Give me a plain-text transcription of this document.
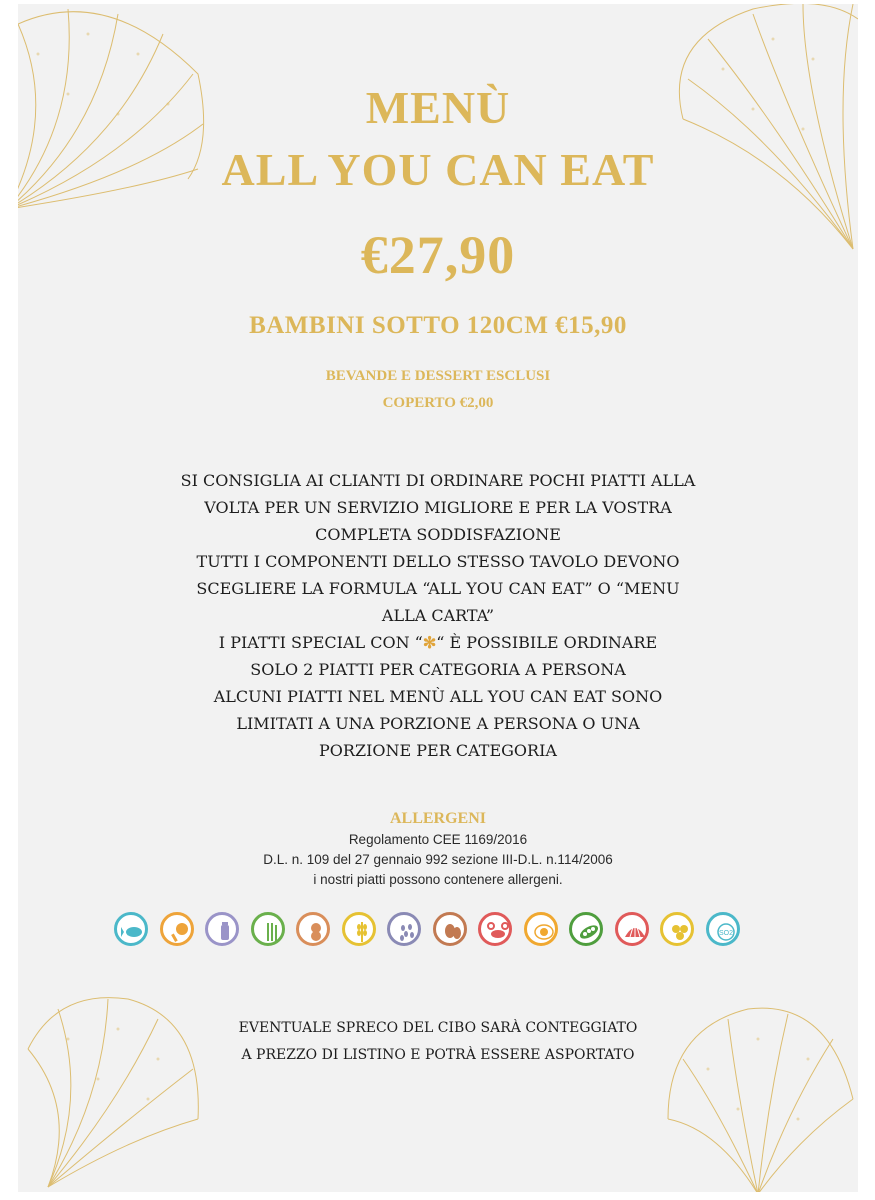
MENÙ
ALL YOU CAN EAT
€27,90
BAMBINI SOTTO 120CM €15,90
BEVANDE E DESSERT ESCLUSI
COPERTO €2,00
SI CONSIGLIA AI CLIANTI DI ORDINARE POCHI PIATTI ALLA
VOLTA PER UN SERVIZIO MIGLIORE E PER LA VOSTRA
COMPLETA SODDISFAZIONE
TUTTI I COMPONENTI DELLO STESSO TAVOLO DEVONO
SCEGLIERE LA FORMULA “ALL YOU CAN EAT” O “MENU
ALLA CARTA”
I PIATTI SPECIAL CON “✻“ È POSSIBILE ORDINARE
SOLO 2 PIATTI PER CATEGORIA A PERSONA
ALCUNI PIATTI NEL MENÙ ALL YOU CAN EAT SONO
LIMITATI A UNA PORZIONE A PERSONA O UNA
PORZIONE PER CATEGORIA
ALLERGENI
Regolamento CEE 1169/2016
D.L. n. 109 del 27 gennaio 992 sezione III-D.L. n.114/2006
i nostri piatti possono contenere allergeni.
SO2
EVENTUALE SPRECO DEL CIBO SARÀ CONTEGGIATO
A PREZZO DI LISTINO E POTRÀ ESSERE ASPORTATO
